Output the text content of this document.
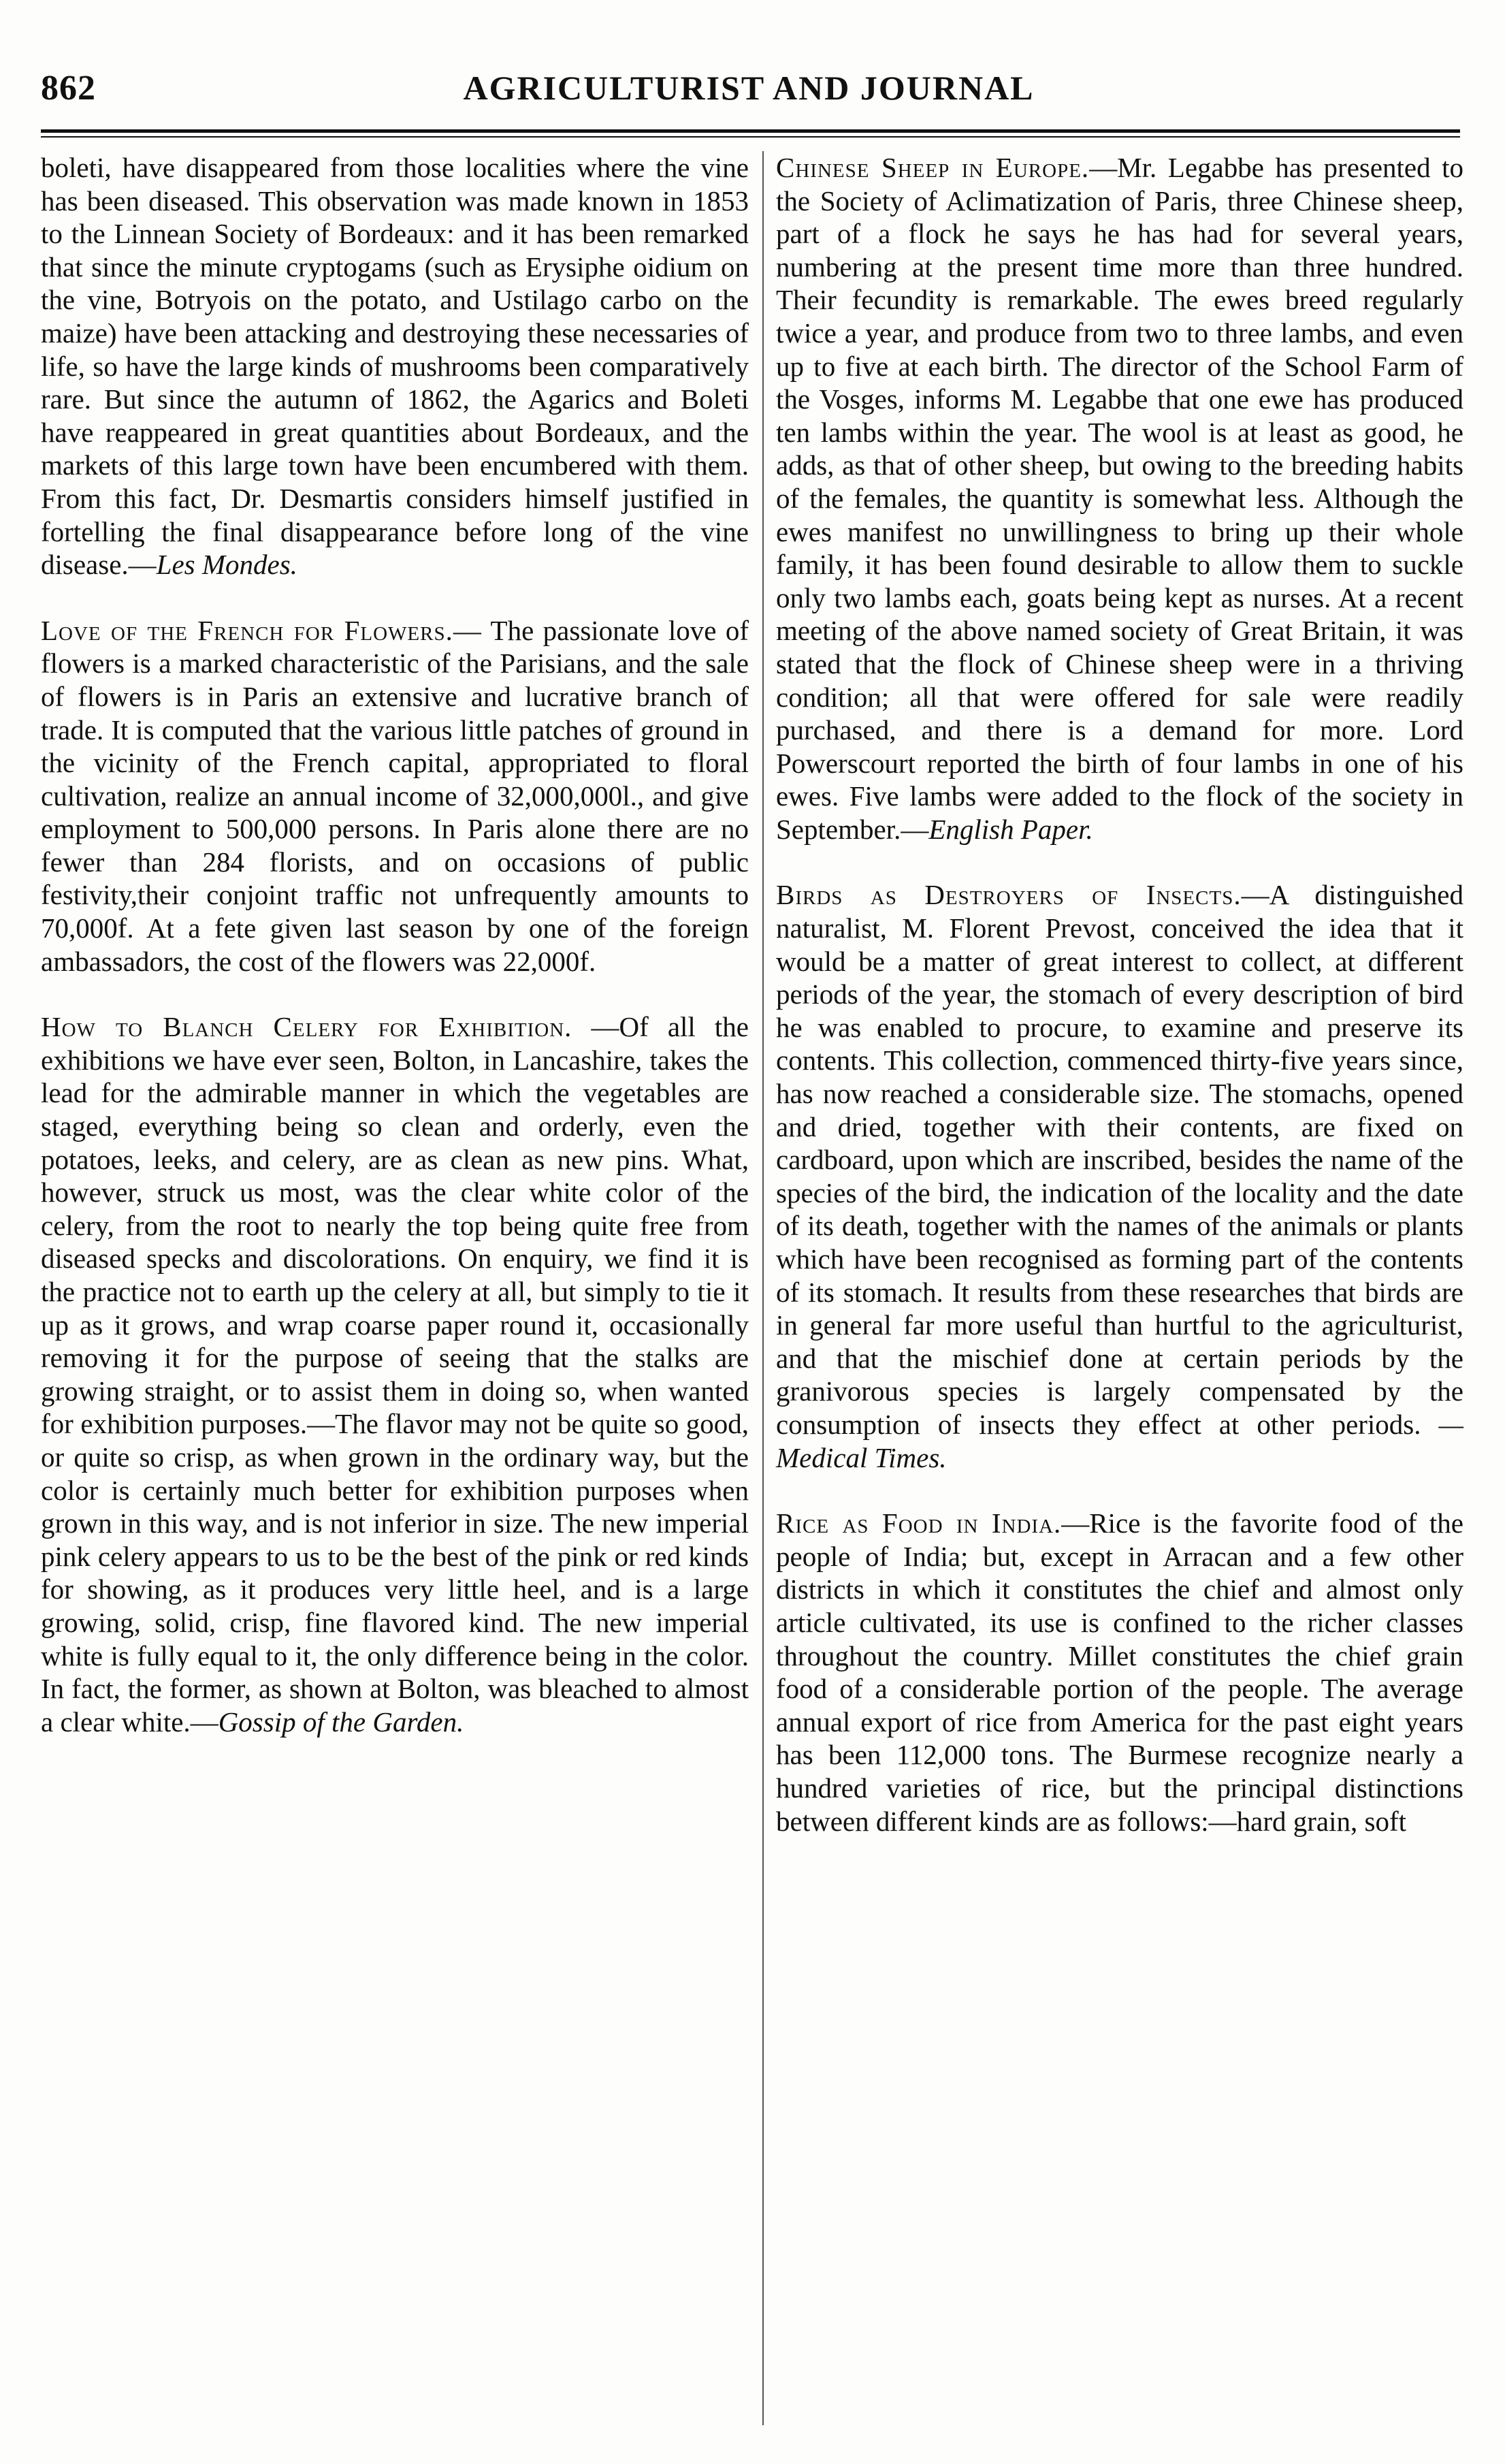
862	AGRICULTURIST AND JOURNAL

boleti, have disappeared from those localities where the vine has been diseased. This observation was made known in 1853 to the Linnean Society of Bordeaux: and it has been remarked that since the minute cryptogams (such as Erysiphe oidium on the vine, Botryois on the potato, and Ustilago carbo on the maize) have been attacking and destroying these necessaries of life, so have the large kinds of mushrooms been comparatively rare. But since the autumn of 1862, the Agarics and Boleti have reappeared in great quantities about Bordeaux, and the markets of this large town have been encumbered with them. From this fact, Dr. Desmartis considers himself justified in fortelling the final disappearance before long of the vine disease.—Les Mondes.

Love of the French for Flowers.— The passionate love of flowers is a marked characteristic of the Parisians, and the sale of flowers is in Paris an extensive and lucrative branch of trade. It is computed that the various little patches of ground in the vicinity of the French capital, appropriated to floral cultivation, realize an annual income of 32,000,000l., and give employment to 500,000 persons. In Paris alone there are no fewer than 284 florists, and on occasions of public festivity,their conjoint traffic not unfrequently amounts to 70,000f. At a fete given last season by one of the foreign ambassadors, the cost of the flowers was 22,000f.

How to Blanch Celery for Exhibition. —Of all the exhibitions we have ever seen, Bolton, in Lancashire, takes the lead for the admirable manner in which the vegetables are staged, everything being so clean and orderly, even the potatoes, leeks, and celery, are as clean as new pins. What, however, struck us most, was the clear white color of the celery, from the root to nearly the top being quite free from diseased specks and discolorations. On enquiry, we find it is the practice not to earth up the celery at all, but simply to tie it up as it grows, and wrap coarse paper round it, occasionally removing it for the purpose of seeing that the stalks are growing straight, or to assist them in doing so, when wanted for exhibition purposes.—The flavor may not be quite so good, or quite so crisp, as when grown in the ordinary way, but the color is certainly much better for exhibition purposes when grown in this way, and is not inferior in size. The new imperial pink celery appears to us to be the best of the pink or red kinds for showing, as it produces very little heel, and is a large growing, solid, crisp, fine flavored kind. The new imperial white is fully equal to it, the only difference being in the color. In fact, the former, as shown at Bolton, was bleached to almost a clear white.—Gossip of the Garden.

Chinese Sheep in Europe.—Mr. Legabbe has presented to the Society of Aclimatization of Paris, three Chinese sheep, part of a flock he says he has had for several years, numbering at the present time more than three hundred. Their fecundity is remarkable. The ewes breed regularly twice a year, and produce from two to three lambs, and even up to five at each birth. The director of the School Farm of the Vosges, informs M. Legabbe that one ewe has produced ten lambs within the year. The wool is at least as good, he adds, as that of other sheep, but owing to the breeding habits of the females, the quantity is somewhat less. Although the ewes manifest no unwillingness to bring up their whole family, it has been found desirable to allow them to suckle only two lambs each, goats being kept as nurses. At a recent meeting of the above named society of Great Britain, it was stated that the flock of Chinese sheep were in a thriving condition; all that were offered for sale were readily purchased, and there is a demand for more. Lord Powerscourt reported the birth of four lambs in one of his ewes. Five lambs were added to the flock of the society in September.—English Paper.

Birds as Destroyers of Insects.—A distinguished naturalist, M. Florent Prevost, conceived the idea that it would be a matter of great interest to collect, at different periods of the year, the stomach of every description of bird he was enabled to procure, to examine and preserve its contents. This collection, commenced thirty-five years since, has now reached a considerable size. The stomachs, opened and dried, together with their contents, are fixed on cardboard, upon which are inscribed, besides the name of the species of the bird, the indication of the locality and the date of its death, together with the names of the animals or plants which have been recognised as forming part of the contents of its stomach. It results from these researches that birds are in general far more useful than hurtful to the agriculturist, and that the mischief done at certain periods by the granivorous species is largely compensated by the consumption of insects they effect at other periods. —Medical Times.

Rice as Food in India.—Rice is the favorite food of the people of India; but, except in Arracan and a few other districts in which it constitutes the chief and almost only article cultivated, its use is confined to the richer classes throughout the country. Millet constitutes the chief grain food of a considerable portion of the people. The average annual export of rice from America for the past eight years has been 112,000 tons. The Burmese recognize nearly a hundred varieties of rice, but the principal distinctions between different kinds are as follows:—hard grain, soft
